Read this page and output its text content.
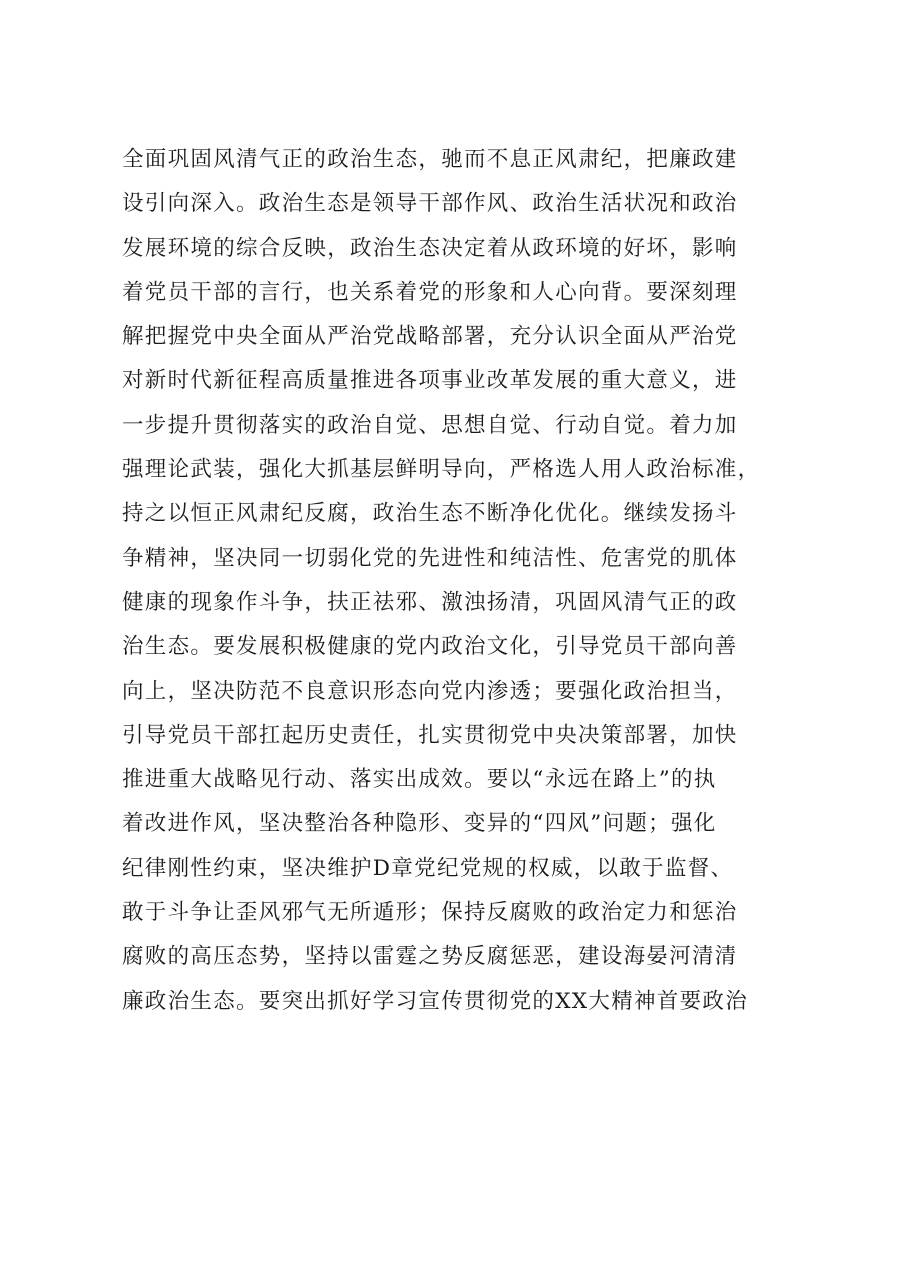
全面巩固风清气正的政治生态，驰而不息正风肃纪，把廉政建
设引向深入。政治生态是领导干部作风、政治生活状况和政治
发展环境的综合反映，政治生态决定着从政环境的好坏，影响
着党员干部的言行，也关系着党的形象和人心向背。要深刻理
解把握党中央全面从严治党战略部署，充分认识全面从严治党
对新时代新征程高质量推进各项事业改革发展的重大意义，进
一步提升贯彻落实的政治自觉、思想自觉、行动自觉。着力加
强理论武装，强化大抓基层鲜明导向，严格选人用人政治标准，
持之以恒正风肃纪反腐，政治生态不断净化优化。继续发扬斗
争精神，坚决同一切弱化党的先进性和纯洁性、危害党的肌体
健康的现象作斗争，扶正祛邪、激浊扬清，巩固风清气正的政
治生态。要发展积极健康的党内政治文化，引导党员干部向善
向上，坚决防范不良意识形态向党内渗透；要强化政治担当，
引导党员干部扛起历史责任，扎实贯彻党中央决策部署，加快
推进重大战略见行动、落实出成效。要以“永远在路上”的执
着改进作风，坚决整治各种隐形、变异的“四风”问题；强化
纪律刚性约束，坚决维护D章党纪党规的权威，以敢于监督、
敢于斗争让歪风邪气无所遁形；保持反腐败的政治定力和惩治
腐败的高压态势，坚持以雷霆之势反腐惩恶，建设海晏河清清
廉政治生态。要突出抓好学习宣传贯彻党的XX大精神首要政治
